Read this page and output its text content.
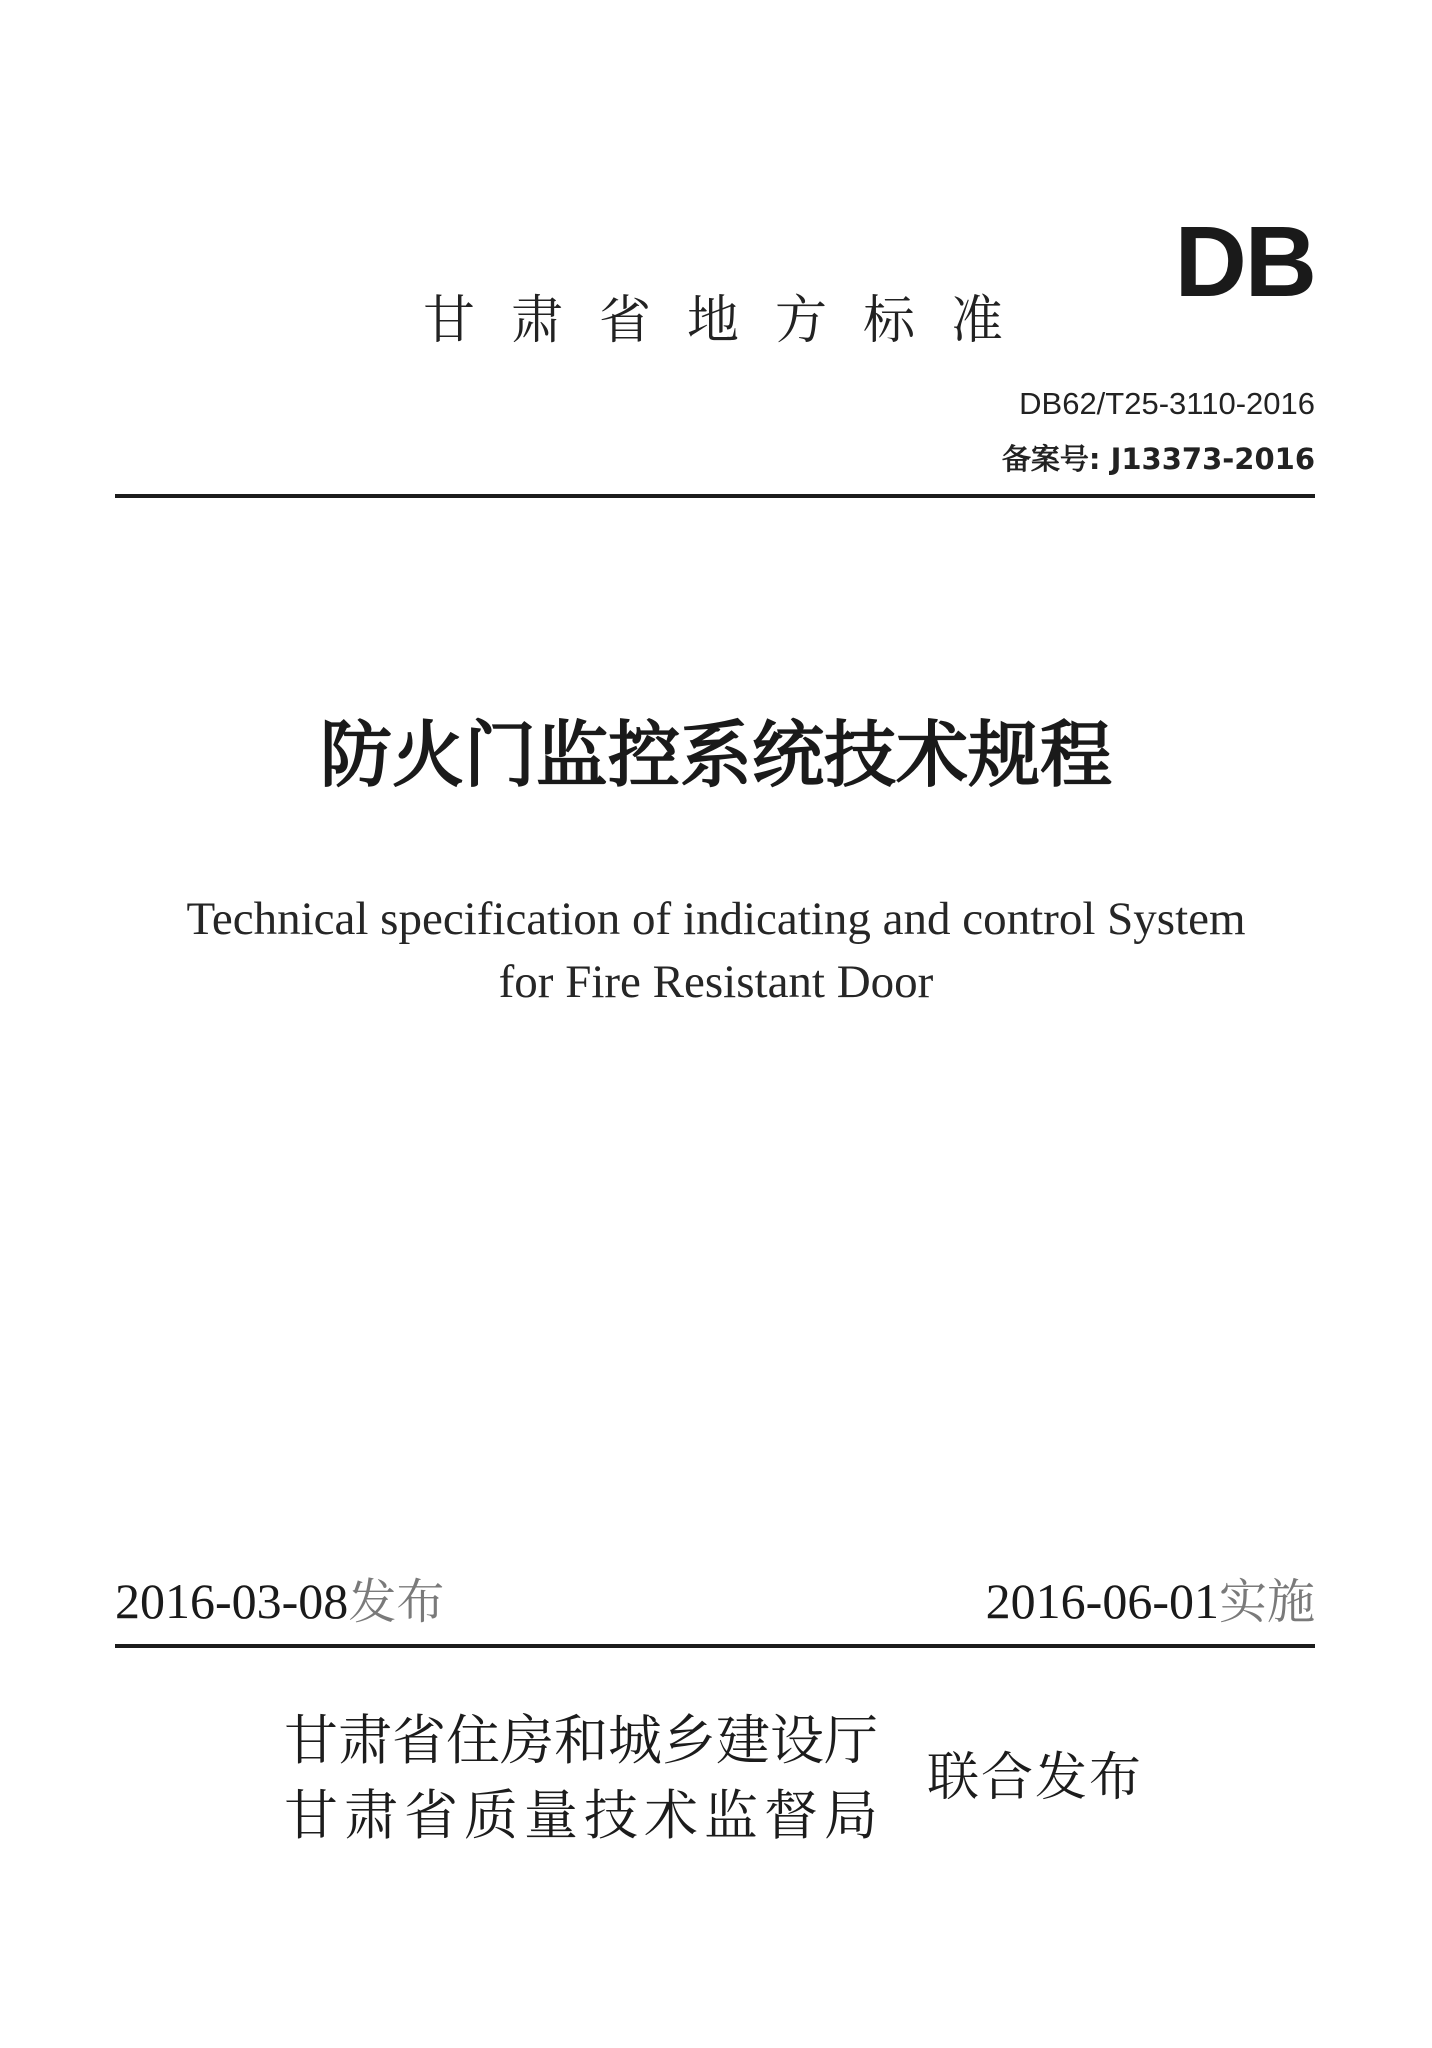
DB
甘肃省地方标准
DB62/T25-3110-2016
备案号: J13373-2016
防火门监控系统技术规程
Technical specification of indicating and control System
for Fire Resistant Door
2016-03-08发布	2016-06-01实施
甘肃省住房和城乡建设厅
甘肃省质量技术监督局
联合发布
